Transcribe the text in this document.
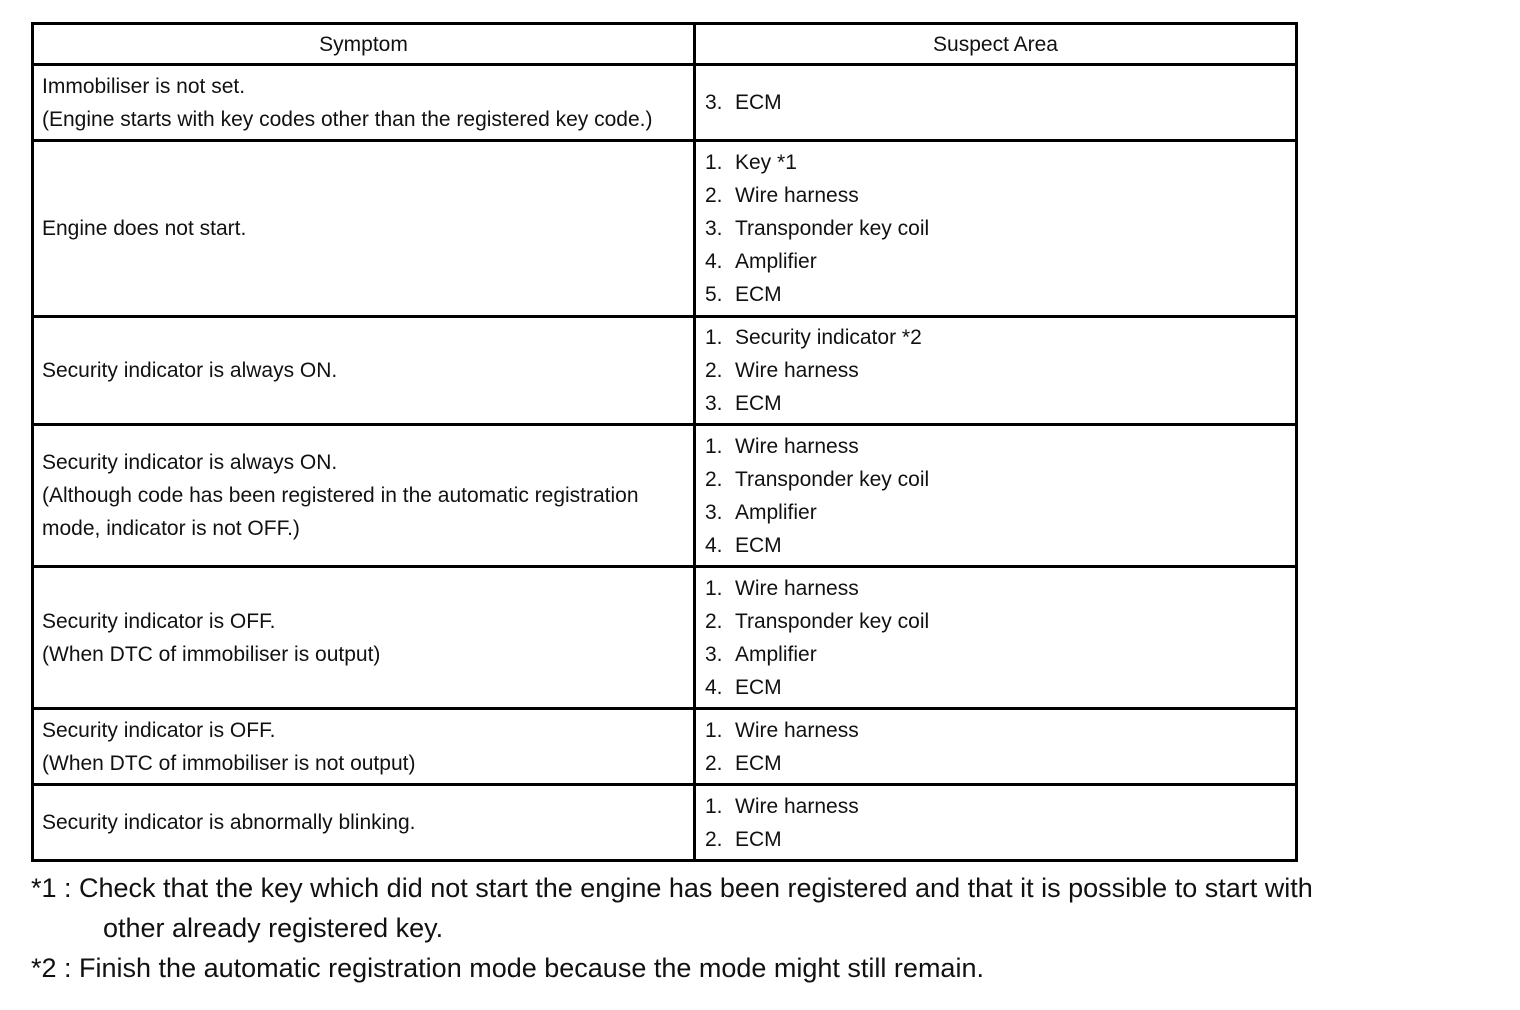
Symptom	Suspect Area

Immobiliser is not set.
(Engine starts with key codes other than the registered key code.)	3. ECM

Engine does not start.	1. Key *1
2. Wire harness
3. Transponder key coil
4. Amplifier
5. ECM

Security indicator is always ON.	1. Security indicator *2
2. Wire harness
3. ECM

Security indicator is always ON.
(Although code has been registered in the automatic registration
mode, indicator is not OFF.)	1. Wire harness
2. Transponder key coil
3. Amplifier
4. ECM

Security indicator is OFF.
(When DTC of immobiliser is output)	1. Wire harness
2. Transponder key coil
3. Amplifier
4. ECM

Security indicator is OFF.
(When DTC of immobiliser is not output)	1. Wire harness
2. ECM

Security indicator is abnormally blinking.	1. Wire harness
2. ECM
*1 : Check that the key which did not start the engine has been registered and that it is possible to start with
other already registered key.
*2 : Finish the automatic registration mode because the mode might still remain.
